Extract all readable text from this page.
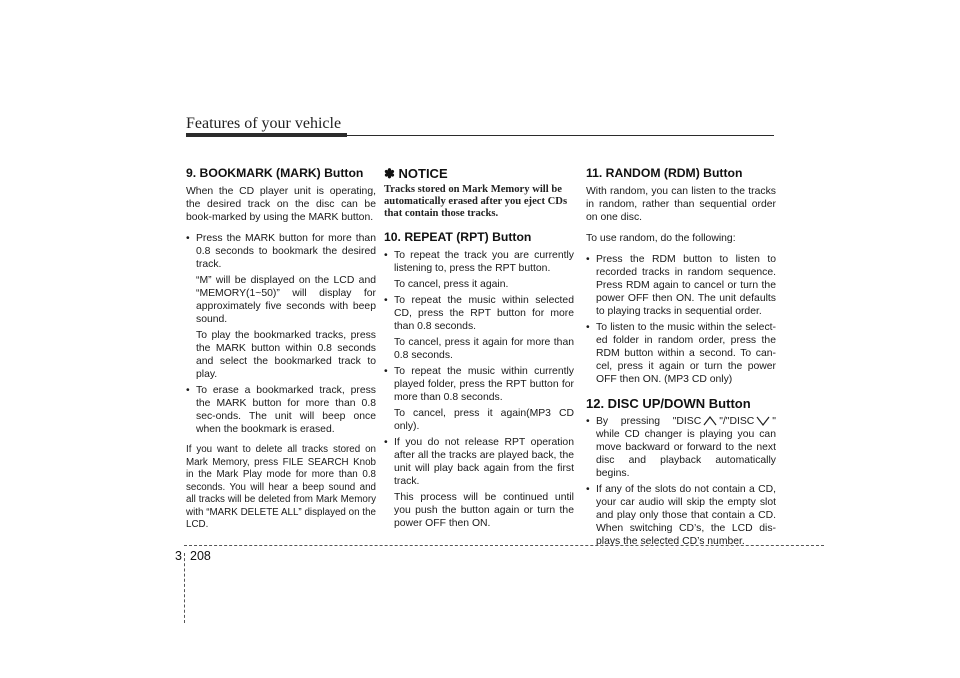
Features of your vehicle
9. BOOKMARK (MARK) Button

When the CD player unit is operating, the desired track on the disc can be book-marked by using the MARK button.

• Press the MARK button for more than 0.8 seconds to bookmark the desired track.
“M” will be displayed on the LCD and “MEMORY(1~50)” will display for approximately five seconds with beep sound.
To play the bookmarked tracks, press the MARK button within 0.8 seconds and select the bookmarked track to play.
• To erase a bookmarked track, press the MARK button for more than 0.8 sec-onds. The unit will beep once when the bookmark is erased.

If you want to delete all tracks stored on Mark Memory, press FILE SEARCH Knob in the Mark Play mode for more than 0.8 seconds. You will hear a beep sound and all tracks will be deleted from Mark Memory with “MARK DELETE ALL” displayed on the LCD.

✽ NOTICE
Tracks stored on Mark Memory will be automatically erased after you eject CDs that contain those tracks.
10. REPEAT (RPT) Button
• To repeat the track you are currently listening to, press the RPT button.
To cancel, press it again.
• To repeat the music within selected CD, press the RPT button for more than 0.8 seconds.
To cancel, press it again for more than 0.8 seconds.
• To repeat the music within currently played folder, press the RPT button for more than 0.8 seconds.
To cancel, press it again(MP3 CD only).
• If you do not release RPT operation after all the tracks are played back, the unit will play back again from the first track.
This process will be continued until you push the button again or turn the power OFF then ON.
11. RANDOM (RDM) Button

With random, you can listen to the tracks in random, rather than sequential order on one disc.

To use random, do the following:

• Press the RDM button to listen to recorded tracks in random sequence. Press RDM again to cancel or turn the power OFF then ON. The unit defaults to playing tracks in sequential order.
• To listen to the music within the select-ed folder in random order, press the RDM button within a second. To can-cel, press it again or turn the power OFF then ON. (MP3 CD only)
12. DISC UP/DOWN Button
• By pressing "DISC "/"DISC " while CD changer is playing you can move backward or forward to the next disc and playback automatically begins.
• If any of the slots do not contain a CD, your car audio will skip the empty slot and play only those that contain a CD. When switching CD’s, the LCD dis-plays the selected CD’s number.
3 208
